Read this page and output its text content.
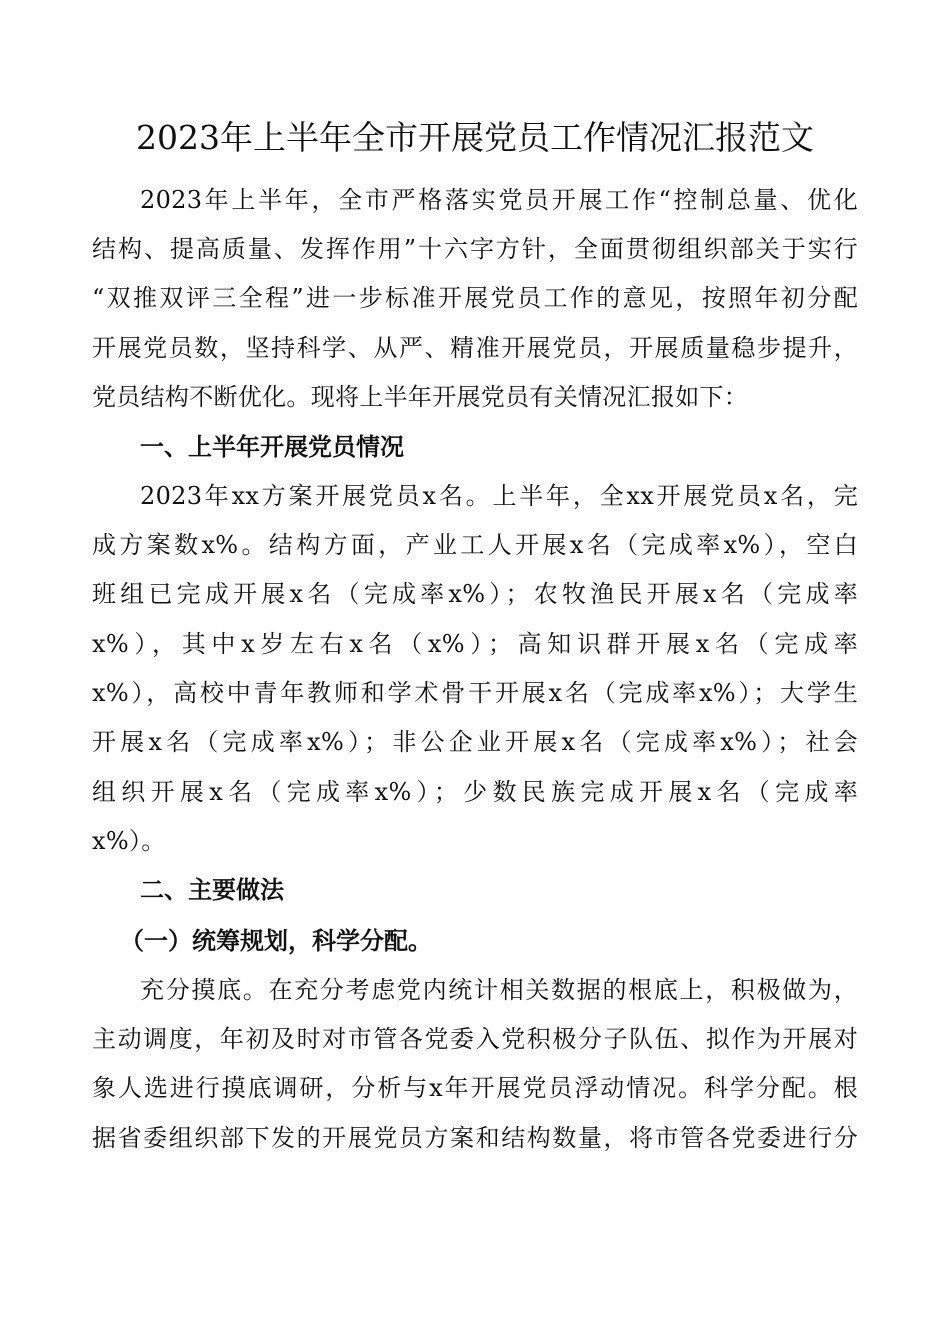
2023年上半年全市开展党员工作情况汇报范文
2023年上半年，全市严格落实党员开展工作“控制总量、优化
结构、提高质量、发挥作用”十六字方针，全面贯彻组织部关于实行
“双推双评三全程”进一步标准开展党员工作的意见，按照年初分配
开展党员数，坚持科学、从严、精准开展党员，开展质量稳步提升，
党员结构不断优化。现将上半年开展党员有关情况汇报如下：
一、上半年开展党员情况
2023年xx方案开展党员x名。上半年，全xx开展党员x名，完
成方案数x%。结构方面，产业工人开展x名（完成率x%），空白
班组已完成开展x名（完成率x%）；农牧渔民开展x名（完成率
x%），其中x岁左右x名（x%）；高知识群开展x名（完成率
x%），高校中青年教师和学术骨干开展x名（完成率x%）；大学生
开展x名（完成率x%）；非公企业开展x名（完成率x%）；社会
组织开展x名（完成率x%）；少数民族完成开展x名（完成率
x%）。
二、主要做法
（一）统筹规划，科学分配。
充分摸底。在充分考虑党内统计相关数据的根底上，积极做为，
主动调度，年初及时对市管各党委入党积极分子队伍、拟作为开展对
象人选进行摸底调研，分析与x年开展党员浮动情况。科学分配。根
据省委组织部下发的开展党员方案和结构数量，将市管各党委进行分
